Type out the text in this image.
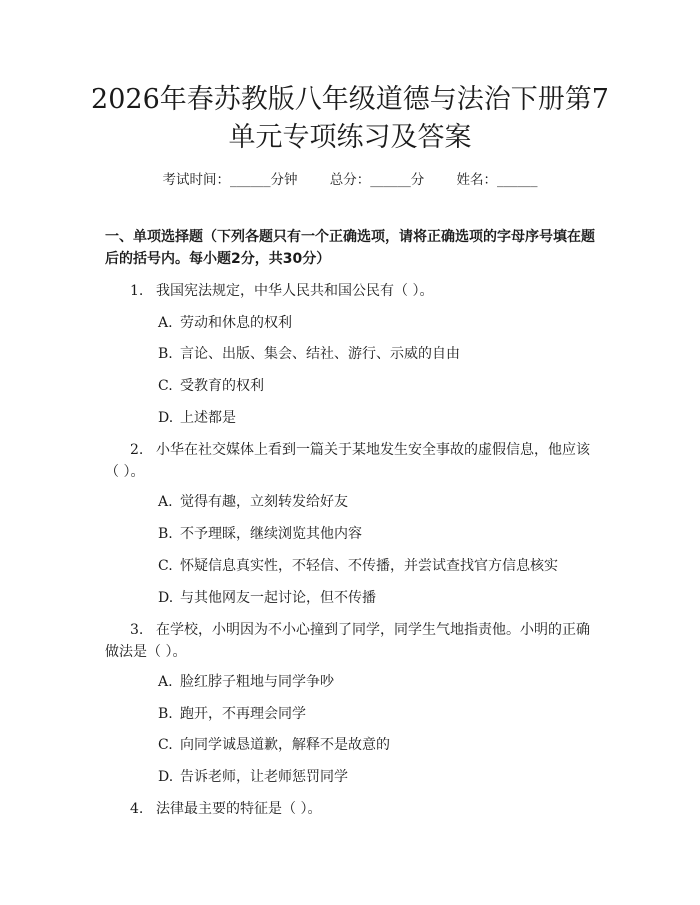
2026年春苏教版八年级道德与法治下册第7
单元专项练习及答案
考试时间：______分钟 总分：______分 姓名：______

一、单项选择题（下列各题只有一个正确选项，请将正确选项的字母序号填在题后的括号内。每小题2分，共30分）

1. 我国宪法规定，中华人民共和国公民有（ ）。
A. 劳动和休息的权利
B. 言论、出版、集会、结社、游行、示威的自由
C. 受教育的权利
D. 上述都是
2. 小华在社交媒体上看到一篇关于某地发生安全事故的虚假信息，他应该（ ）。
A. 觉得有趣，立刻转发给好友
B. 不予理睬，继续浏览其他内容
C. 怀疑信息真实性，不轻信、不传播，并尝试查找官方信息核实
D. 与其他网友一起讨论，但不传播
3. 在学校，小明因为不小心撞到了同学，同学生气地指责他。小明的正确做法是（ ）。
A. 脸红脖子粗地与同学争吵
B. 跑开，不再理会同学
C. 向同学诚恳道歉，解释不是故意的
D. 告诉老师，让老师惩罚同学
4. 法律最主要的特征是（ ）。
